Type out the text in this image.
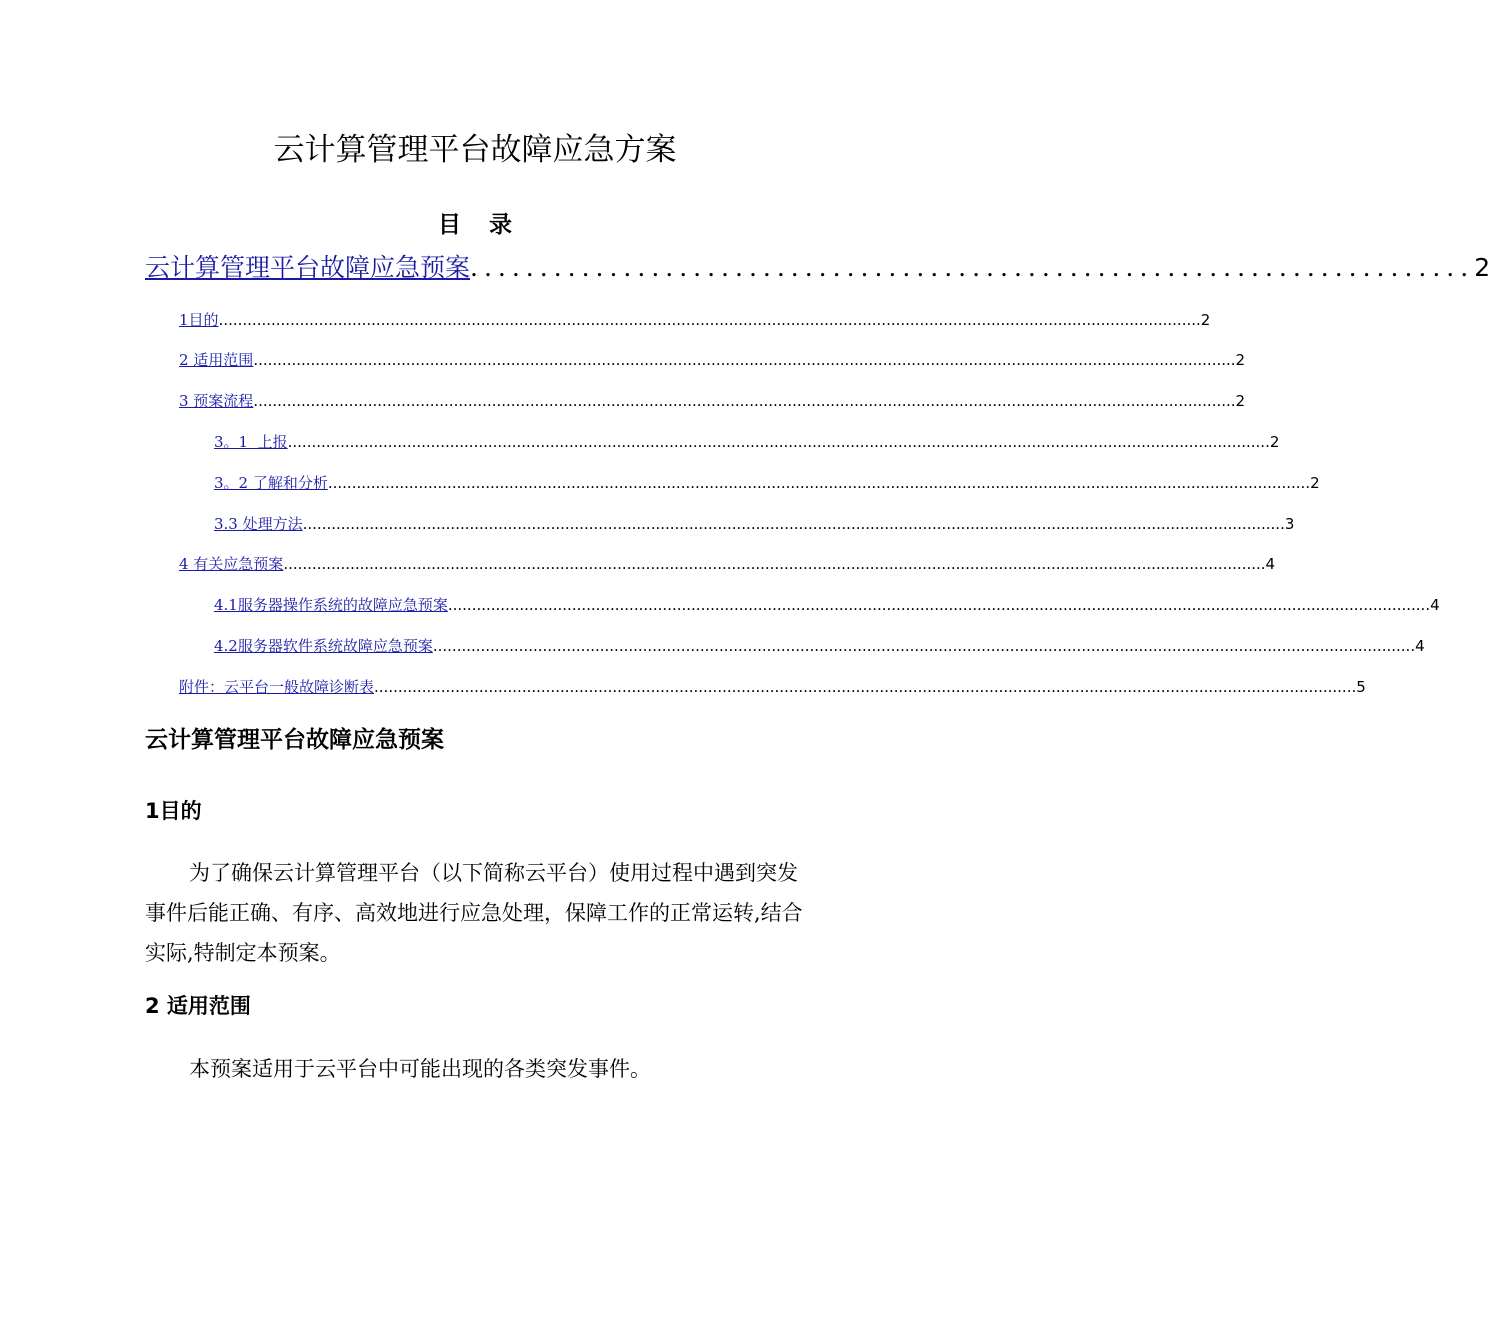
云计算管理平台故障应急方案
目 录
云计算管理平台故障应急预案 ........................................................................ 2
1目的 .............................................................................................................................................................................................................. 2
2 适用范围 .............................................................................................................................................................................................................. 2
3 预案流程 .............................................................................................................................................................................................................. 2
3。1  上报 .............................................................................................................................................................................................................. 2
3。2 了解和分析 .............................................................................................................................................................................................................. 2
3.3 处理方法 .............................................................................................................................................................................................................. 3
4 有关应急预案 .............................................................................................................................................................................................................. 4
4.1服务器操作系统的故障应急预案 .............................................................................................................................................................................................................. 4
4.2服务器软件系统故障应急预案 .............................................................................................................................................................................................................. 4
附件：云平台一般故障诊断表 .............................................................................................................................................................................................................. 5
云计算管理平台故障应急预案
1目的
为了确保云计算管理平台（以下简称云平台）使用过程中遇到突发事件后能正确、有序、高效地进行应急处理，保障工作的正常运转,结合实际,特制定本预案。
2 适用范围
本预案适用于云平台中可能出现的各类突发事件。
